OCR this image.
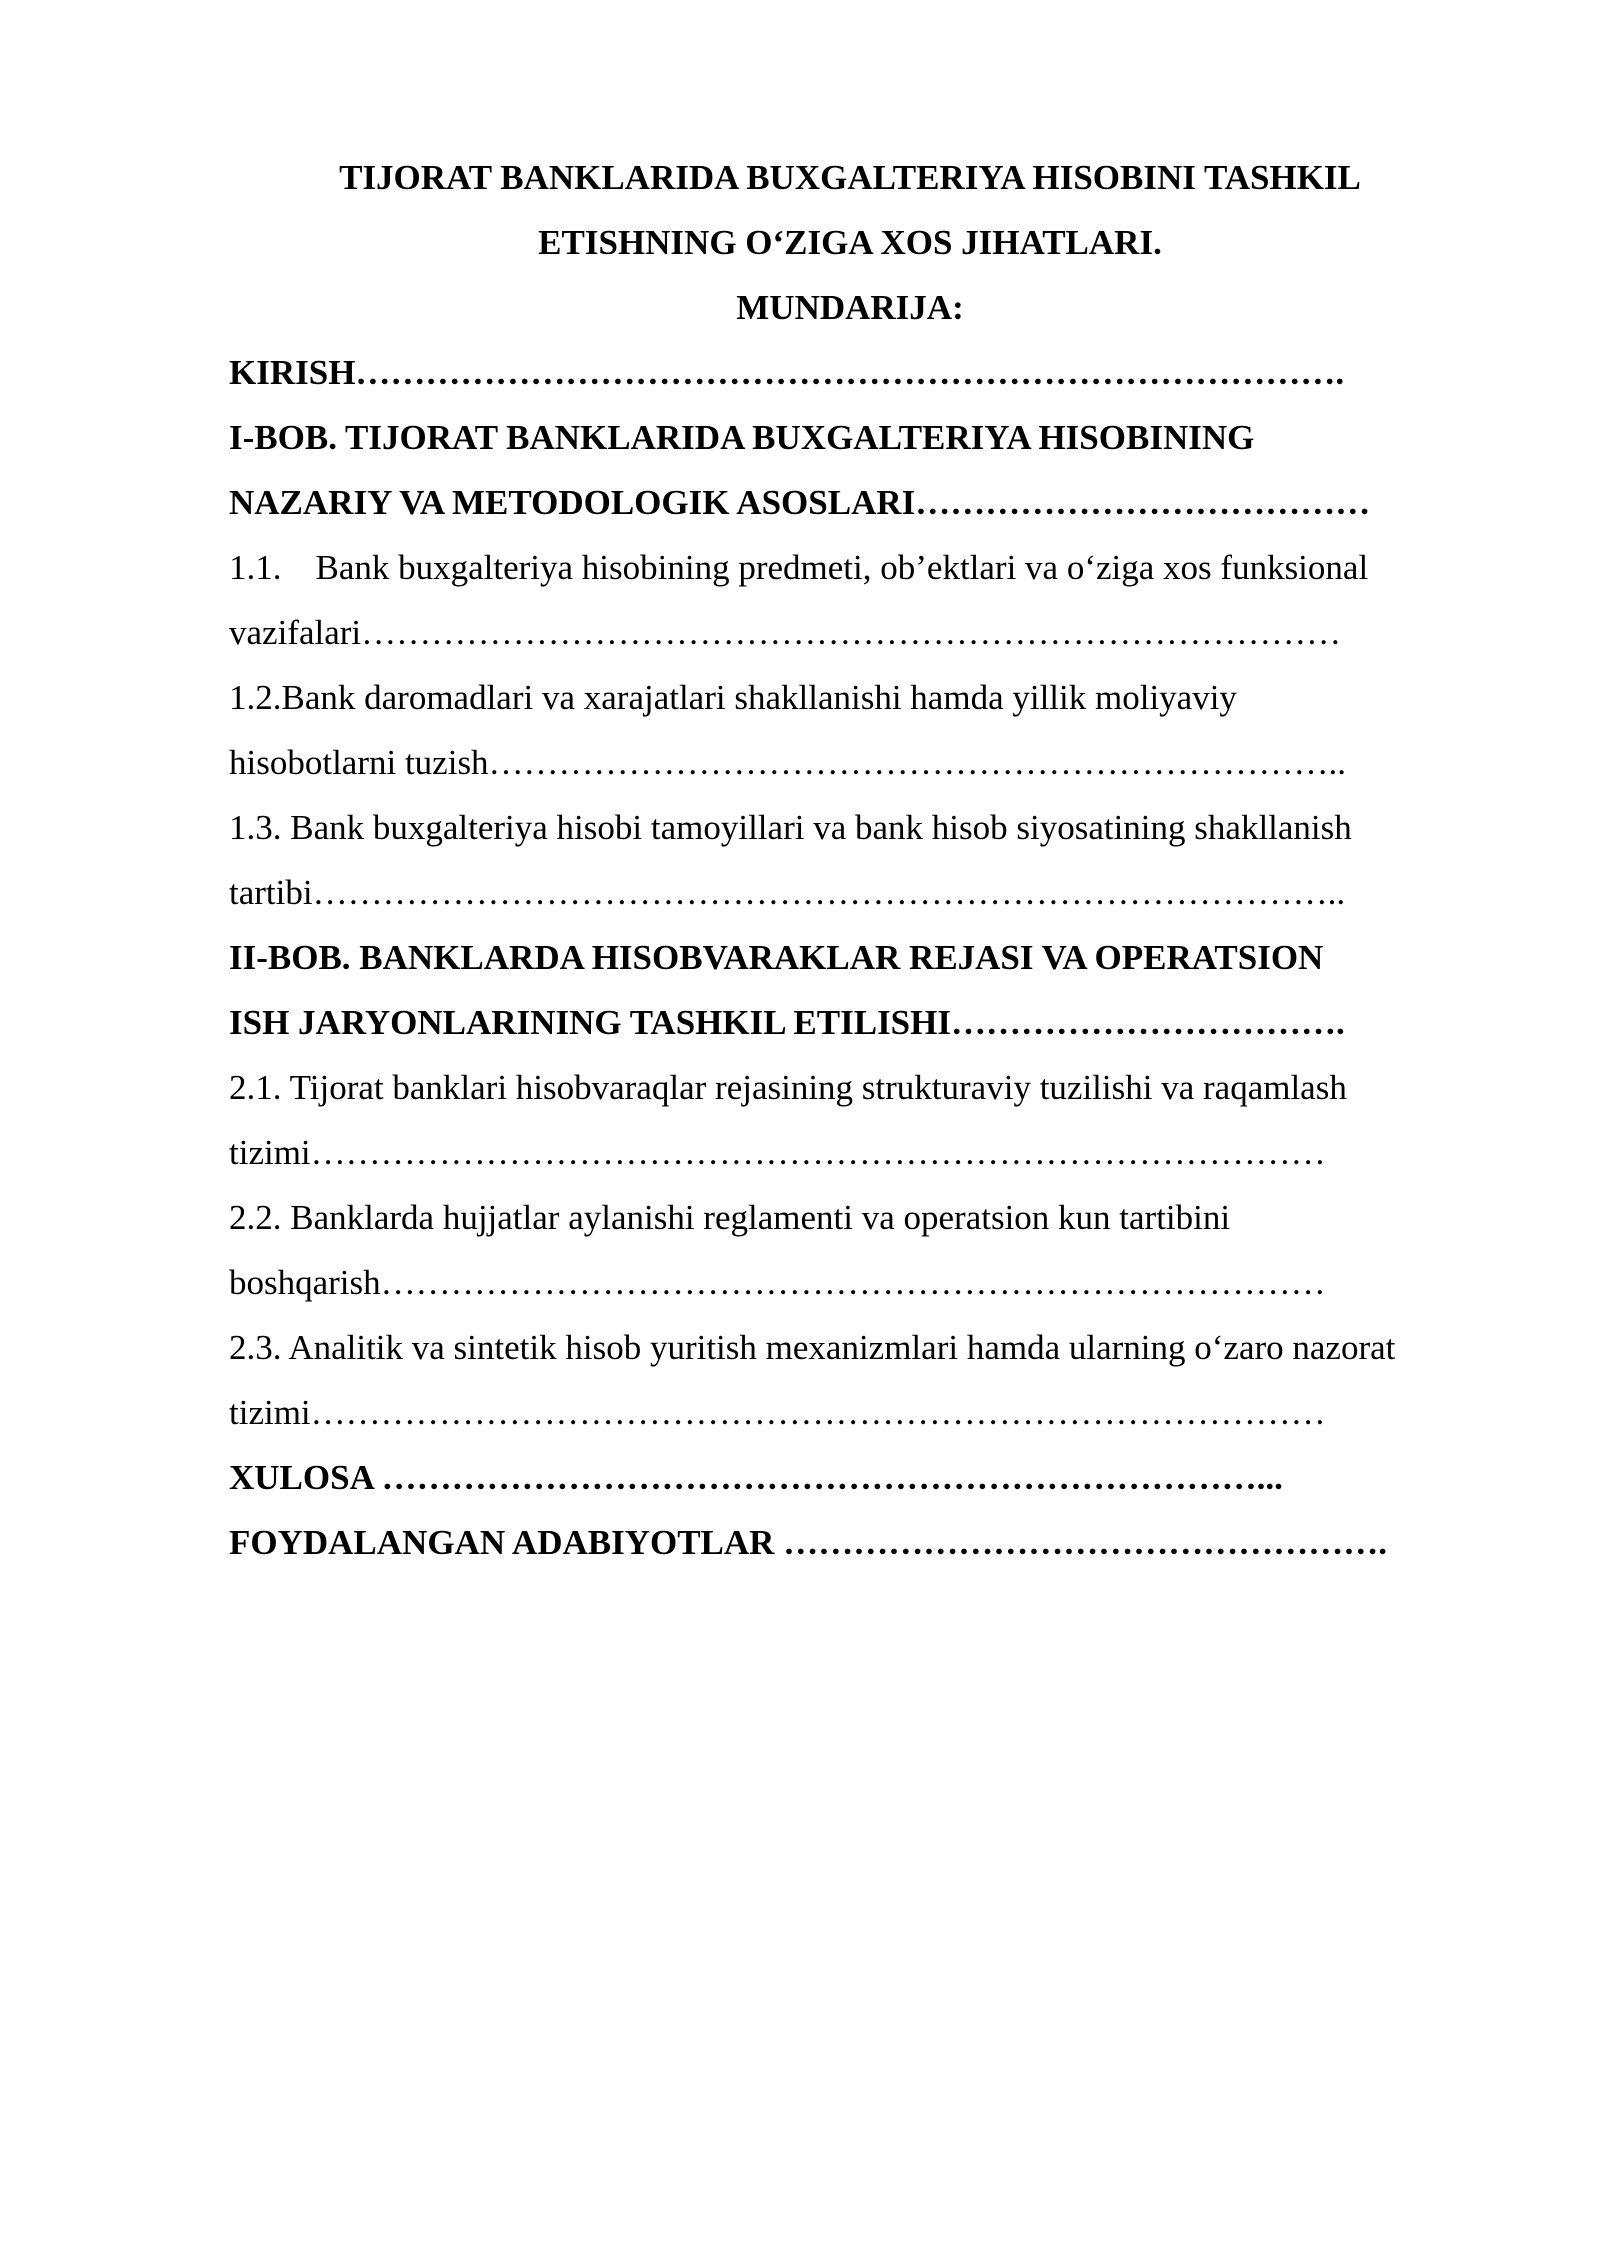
TIJORAT BANKLARIDA BUXGALTERIYA HISOBINI TASHKIL
ETISHNING O‘ZIGA XOS JIHATLARI.
MUNDARIJA:
KIRISH………………………………………………………………………….
I-BOB. TIJORAT BANKLARIDA BUXGALTERIYA HISOBINING
NAZARIY VA METODOLOGIK ASOSLARI…………………………………
1.1. Bank buxgalteriya hisobining predmeti, ob’ektlari va o‘ziga xos funksional
vazifalari…………………………………………………………………………
1.2.Bank daromadlari va xarajatlari shakllanishi hamda yillik moliyaviy
hisobotlarni tuzish………………………………………………………………..
1.3. Bank buxgalteriya hisobi tamoyillari va bank hisob siyosatining shakllanish
tartibi……………………………………………………………………………..
II-BOB. BANKLARDA HISOBVARAKLAR REJASI VA OPERATSION
ISH JARYONLARINING TASHKIL ETILISHI…………………………….
2.1. Tijorat banklari hisobvaraqlar rejasining strukturaviy tuzilishi va raqamlash
tizimi……………………………………………………………………………
2.2. Banklarda hujjatlar aylanishi reglamenti va operatsion kun tartibini
boshqarish………………………………………………………………………
2.3. Analitik va sintetik hisob yuritish mexanizmlari hamda ularning o‘zaro nazorat
tizimi……………………………………………………………………………
XULOSA …………………………………………………………………...
FOYDALANGAN ADABIYOTLAR …………………………………………….
